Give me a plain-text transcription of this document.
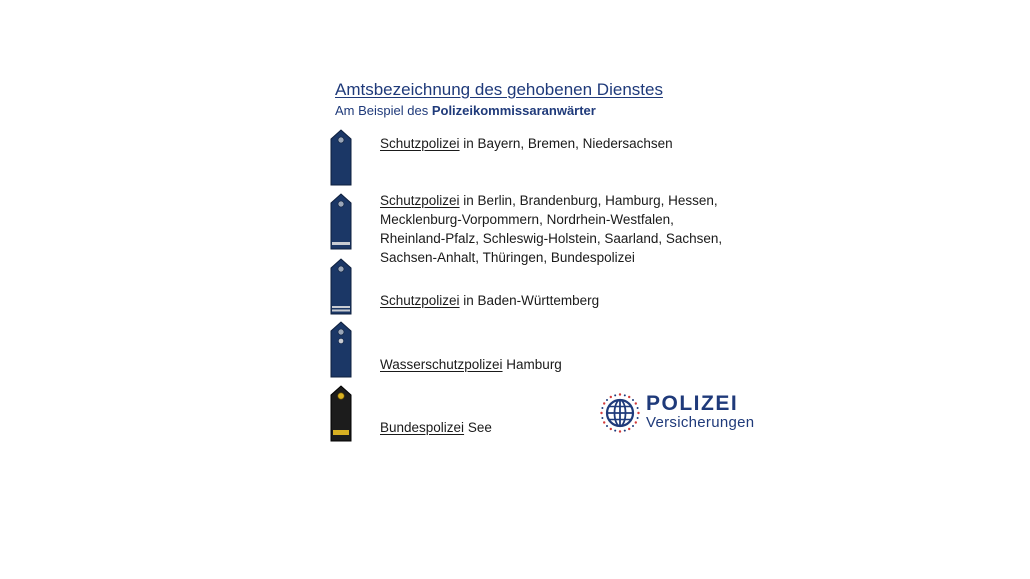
Amtsbezeichnung des gehobenen Dienstes
Am Beispiel des Polizeikommissaranwärter
Schutzpolizei in Bayern, Bremen, Niedersachsen
Schutzpolizei in Berlin, Brandenburg, Hamburg, Hessen, Mecklenburg-Vorpommern, Nordrhein-Westfalen, Rheinland-Pfalz, Schleswig-Holstein, Saarland, Sachsen, Sachsen-Anhalt, Thüringen, Bundespolizei
Schutzpolizei in Baden-Württemberg
Wasserschutzpolizei Hamburg
Bundespolizei See
POLIZEI
Versicherungen
